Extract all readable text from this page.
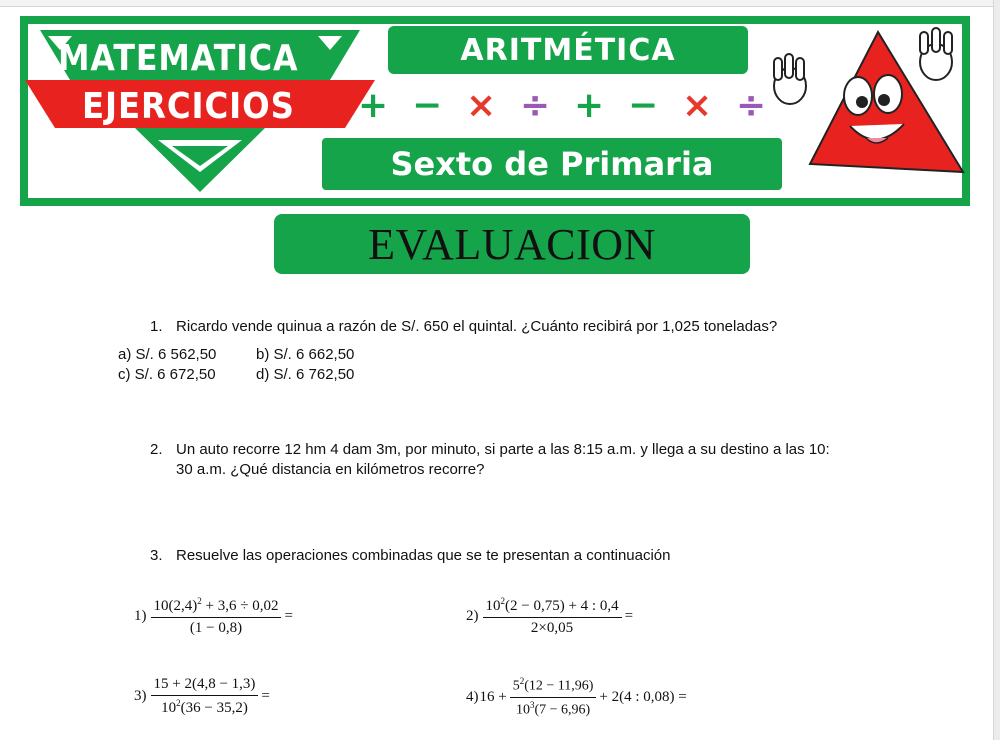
MATEMATICA
EJERCICIOS
ARITMÉTICA
+ − × ÷ + − × ÷
Sexto de Primaria
EVALUACION
1. Ricardo vende quinua a razón de S/. 650 el quintal. ¿Cuánto recibirá por 1,025 toneladas?
a) S/. 6 562,50	b) S/. 6 662,50
c) S/. 6 672,50	d) S/. 6 762,50
2. Un auto recorre 12 hm 4 dam 3m, por minuto, si parte a las 8:15 a.m. y llega a su destino a las 10:
30 a.m. ¿Qué distancia en kilómetros recorre?
3. Resuelve las operaciones combinadas que se te presentan a continuación
$1) \frac{10(2,4)^2 + 3,6 \div 0,02}{(1 - 0,8)}$ =	$2) \frac{10^2(2 - 0,75) + 4 : 0,4}{2\times 0,05}$ =
$3) \frac{15 + 2(4,8 - 1,3)}{10^2(36 - 35,2)}$ =	4) $16 + \frac{5^2(12 - 11,96)}{10^3(7 - 6,96)} + 2(4$ : 0,08) =
